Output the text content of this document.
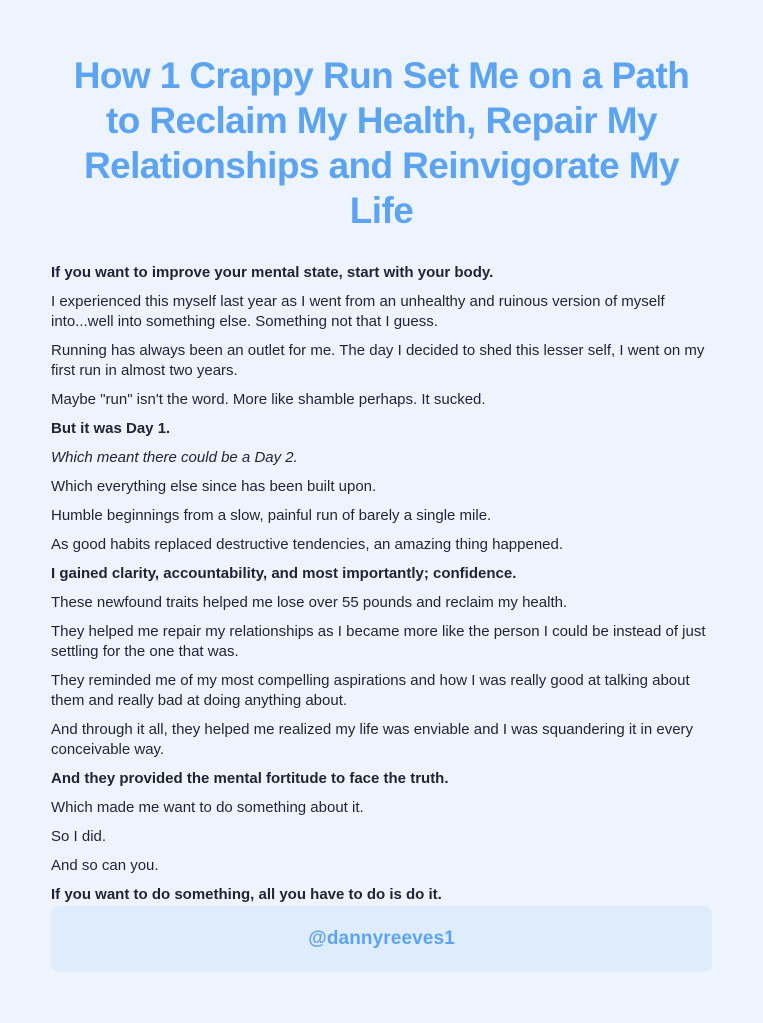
How 1 Crappy Run Set Me on a Path to Reclaim My Health, Repair My Relationships and Reinvigorate My Life

If you want to improve your mental state, start with your body.

I experienced this myself last year as I went from an unhealthy and ruinous version of myself into...well into something else. Something not that I guess.

Running has always been an outlet for me. The day I decided to shed this lesser self, I went on my first run in almost two years.

Maybe "run" isn't the word. More like shamble perhaps. It sucked.

But it was Day 1.

Which meant there could be a Day 2.

Which everything else since has been built upon.

Humble beginnings from a slow, painful run of barely a single mile.

As good habits replaced destructive tendencies, an amazing thing happened.

I gained clarity, accountability, and most importantly; confidence.

These newfound traits helped me lose over 55 pounds and reclaim my health.

They helped me repair my relationships as I became more like the person I could be instead of just settling for the one that was.

They reminded me of my most compelling aspirations and how I was really good at talking about them and really bad at doing anything about.

And through it all, they helped me realized my life was enviable and I was squandering it in every conceivable way.

And they provided the mental fortitude to face the truth.

Which made me want to do something about it.

So I did.

And so can you.

If you want to do something, all you have to do is do it.

@dannyreeves1
